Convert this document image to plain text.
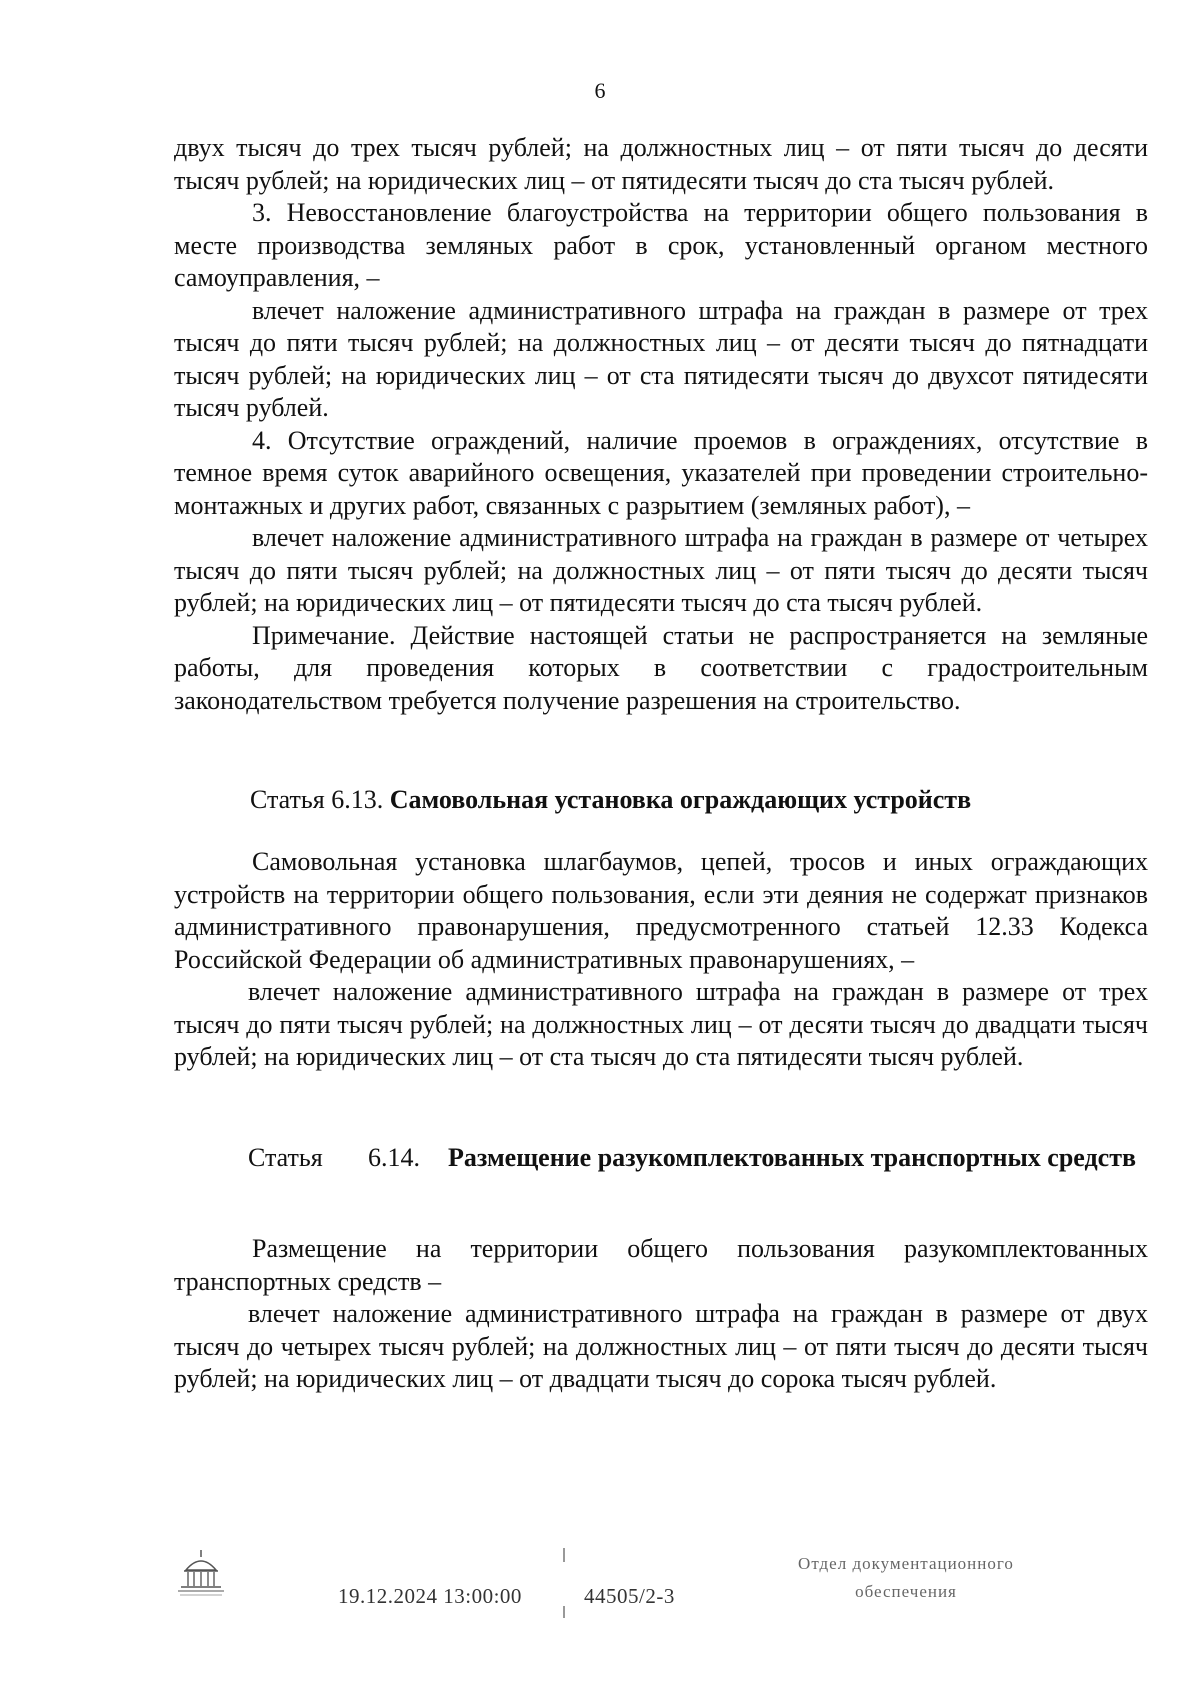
6

двух тысяч до трех тысяч рублей; на должностных лиц – от пяти тысяч до десяти тысяч рублей; на юридических лиц – от пятидесяти тысяч до ста тысяч рублей.

3. Невосстановление благоустройства на территории общего пользования в месте производства земляных работ в срок, установленный органом местного самоуправления, –

влечет наложение административного штрафа на граждан в размере от трех тысяч до пяти тысяч рублей; на должностных лиц – от десяти тысяч до пятнадцати тысяч рублей; на юридических лиц – от ста пятидесяти тысяч до двухсот пятидесяти тысяч рублей.

4. Отсутствие ограждений, наличие проемов в ограждениях, отсутствие в темное время суток аварийного освещения, указателей при проведении строительно-монтажных и других работ, связанных с разрытием (земляных работ), –

влечет наложение административного штрафа на граждан в размере от четырех тысяч до пяти тысяч рублей; на должностных лиц – от пяти тысяч до десяти тысяч рублей; на юридических лиц – от пятидесяти тысяч до ста тысяч рублей.

Примечание. Действие настоящей статьи не распространяется на земляные работы, для проведения которых в соответствии с градостроительным законодательством требуется получение разрешения на строительство.

Статья 6.13. Самовольная установка ограждающих устройств

Самовольная установка шлагбаумов, цепей, тросов и иных ограждающих устройств на территории общего пользования, если эти деяния не содержат признаков административного правонарушения, предусмотренного статьей 12.33 Кодекса Российской Федерации об административных правонарушениях, –

влечет наложение административного штрафа на граждан в размере от трех тысяч до пяти тысяч рублей; на должностных лиц – от десяти тысяч до двадцати тысяч рублей; на юридических лиц – от ста тысяч до ста пятидесяти тысяч рублей.

Статья 6.14. Размещение разукомплектованных транспортных средств

Размещение на территории общего пользования разукомплектованных транспортных средств –

влечет наложение административного штрафа на граждан в размере от двух тысяч до четырех тысяч рублей; на должностных лиц – от пяти тысяч до десяти тысяч рублей; на юридических лиц – от двадцати тысяч до сорока тысяч рублей.

19.12.2024 13:00:00	44505/2-3
Отдел документационного
обеспечения
